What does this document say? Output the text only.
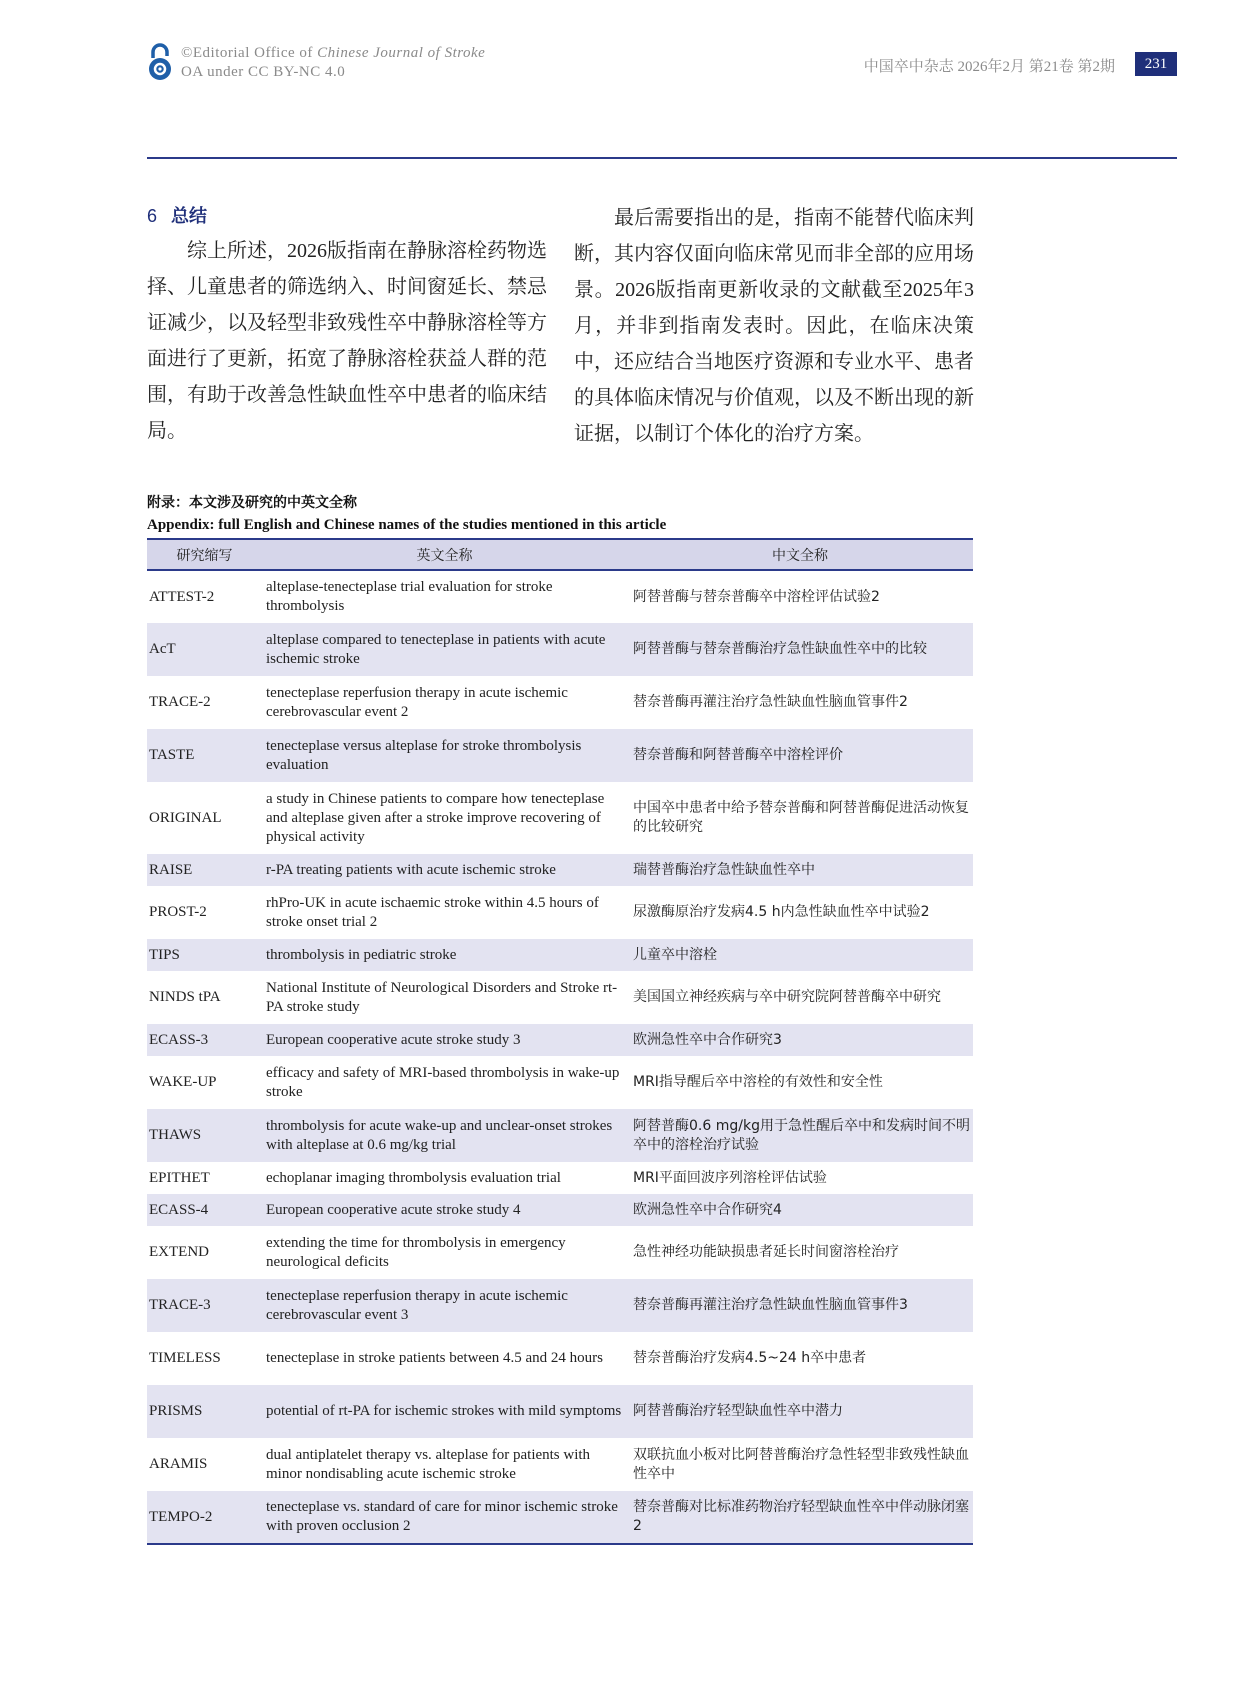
©Editorial Office of Chinese Journal of Stroke
OA under CC BY-NC 4.0	中国卒中杂志 2026年2月 第21卷 第2期	231
6 总结

综上所述，2026版指南在静脉溶栓药物选择、儿童患者的筛选纳入、时间窗延长、禁忌证减少，以及轻型非致残性卒中静脉溶栓等方面进行了更新，拓宽了静脉溶栓获益人群的范围，有助于改善急性缺血性卒中患者的临床结局。

最后需要指出的是，指南不能替代临床判断，其内容仅面向临床常见而非全部的应用场景。2026版指南更新收录的文献截至2025年3月，并非到指南发表时。因此，在临床决策中，还应结合当地医疗资源和专业水平、患者的具体临床情况与价值观，以及不断出现的新证据，以制订个体化的治疗方案。

附录：本文涉及研究的中英文全称
Appendix: full English and Chinese names of the studies mentioned in this article
研究缩写	英文全称	中文全称
ATTEST-2	alteplase-tenecteplase trial evaluation for stroke thrombolysis	阿替普酶与替奈普酶卒中溶栓评估试验2
AcT	alteplase compared to tenecteplase in patients with acute ischemic stroke	阿替普酶与替奈普酶治疗急性缺血性卒中的比较
TRACE-2	tenecteplase reperfusion therapy in acute ischemic cerebrovascular event 2	替奈普酶再灌注治疗急性缺血性脑血管事件2
TASTE	tenecteplase versus alteplase for stroke thrombolysis evaluation	替奈普酶和阿替普酶卒中溶栓评价
ORIGINAL	a study in Chinese patients to compare how tenecteplase and alteplase given after a stroke improve recovering of physical activity	中国卒中患者中给予替奈普酶和阿替普酶促进活动恢复的比较研究
RAISE	r-PA treating patients with acute ischemic stroke	瑞替普酶治疗急性缺血性卒中
PROST-2	rhPro-UK in acute ischaemic stroke within 4.5 hours of stroke onset trial 2	尿激酶原治疗发病4.5 h内急性缺血性卒中试验2
TIPS	thrombolysis in pediatric stroke	儿童卒中溶栓
NINDS tPA	National Institute of Neurological Disorders and Stroke rt-PA stroke study	美国国立神经疾病与卒中研究院阿替普酶卒中研究
ECASS-3	European cooperative acute stroke study 3	欧洲急性卒中合作研究3
WAKE-UP	efficacy and safety of MRI-based thrombolysis in wake-up stroke	MRI指导醒后卒中溶栓的有效性和安全性
THAWS	thrombolysis for acute wake-up and unclear-onset strokes with alteplase at 0.6 mg/kg trial	阿替普酶0.6 mg/kg用于急性醒后卒中和发病时间不明卒中的溶栓治疗试验
EPITHET	echoplanar imaging thrombolysis evaluation trial	MRI平面回波序列溶栓评估试验
ECASS-4	European cooperative acute stroke study 4	欧洲急性卒中合作研究4
EXTEND	extending the time for thrombolysis in emergency neurological deficits	急性神经功能缺损患者延长时间窗溶栓治疗
TRACE-3	tenecteplase reperfusion therapy in acute ischemic cerebrovascular event 3	替奈普酶再灌注治疗急性缺血性脑血管事件3
TIMELESS	tenecteplase in stroke patients between 4.5 and 24 hours	替奈普酶治疗发病4.5~24 h卒中患者
PRISMS	potential of rt-PA for ischemic strokes with mild symptoms	阿替普酶治疗轻型缺血性卒中潜力
ARAMIS	dual antiplatelet therapy vs. alteplase for patients with minor nondisabling acute ischemic stroke	双联抗血小板对比阿替普酶治疗急性轻型非致残性缺血性卒中
TEMPO-2	tenecteplase vs. standard of care for minor ischemic stroke with proven occlusion 2	替奈普酶对比标准药物治疗轻型缺血性卒中伴动脉闭塞2
